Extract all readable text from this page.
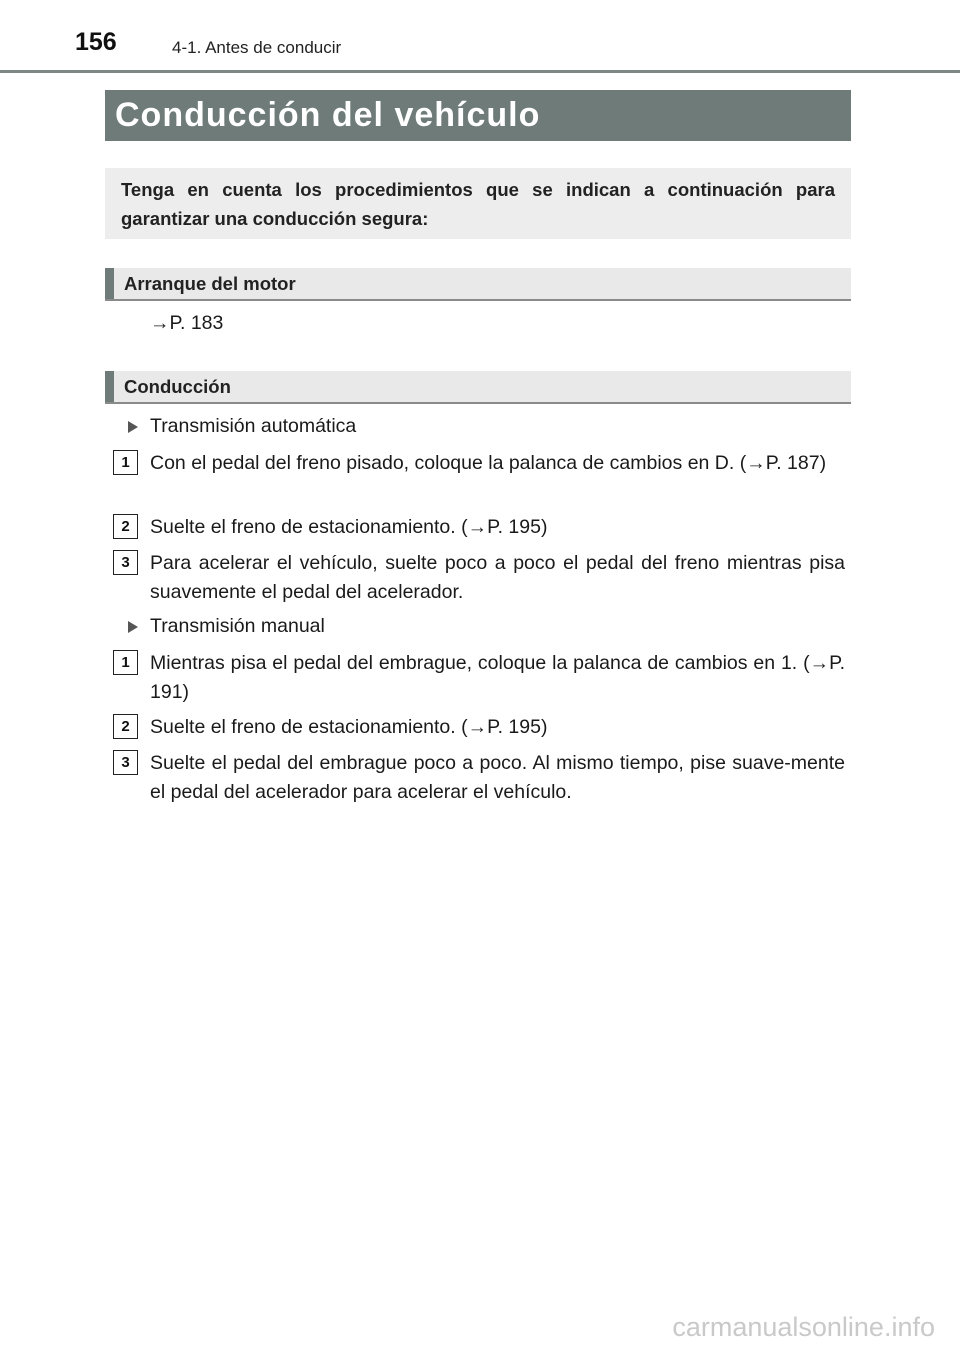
156	4-1. Antes de conducir
Conducción del vehículo
Tenga en cuenta los procedimientos que se indican a continuación para garantizar una conducción segura:
Arranque del motor
→P. 183
Conducción
Transmisión automática
1	Con el pedal del freno pisado, coloque la palanca de cambios en D. (→P. 187)
2	Suelte el freno de estacionamiento. (→P. 195)
3	Para acelerar el vehículo, suelte poco a poco el pedal del freno mientras pisa suavemente el pedal del acelerador.
Transmisión manual
1	Mientras pisa el pedal del embrague, coloque la palanca de cambios en 1. (→P. 191)
2	Suelte el freno de estacionamiento. (→P. 195)
3	Suelte el pedal del embrague poco a poco. Al mismo tiempo, pise suave-mente el pedal del acelerador para acelerar el vehículo.
carmanualsonline.info
